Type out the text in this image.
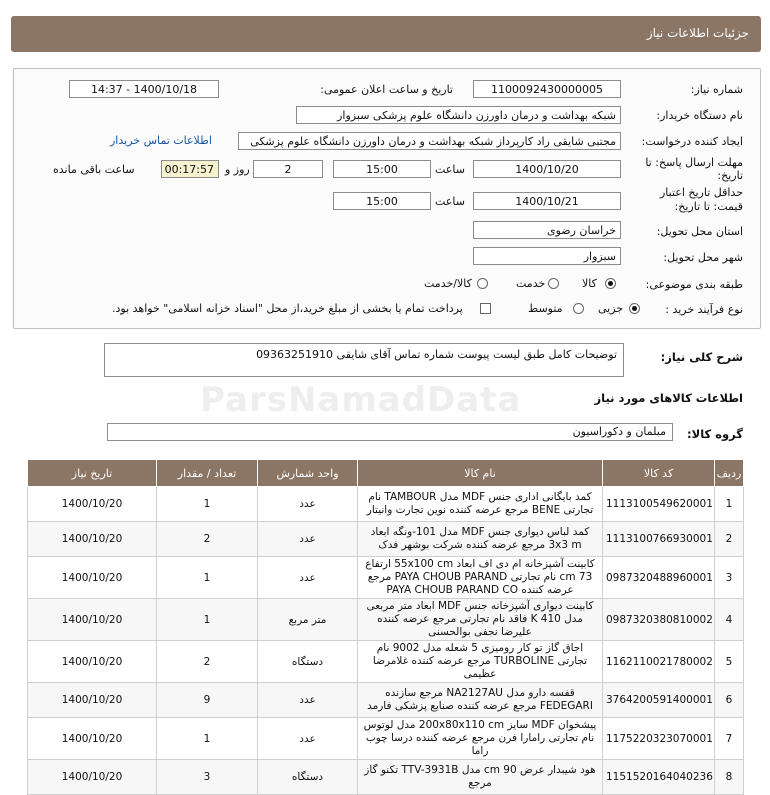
جزئیات اطلاعات نیاز
شماره نیاز:
1100092430000005
تاریخ و ساعت اعلان عمومی:
1400/10/18 - 14:37
نام دستگاه خریدار:
شبکه بهداشت و درمان داورزن دانشگاه علوم پزشکی سبزوار
ایجاد کننده درخواست:
مجتبی شایقی راد کارپرداز شبکه بهداشت و درمان داورزن دانشگاه علوم پزشکی
اطلاعات تماس خریدار
مهلت ارسال پاسخ: تا
تاریخ:
1400/10/20
ساعت
15:00
2
روز و
00:17:57
ساعت باقی مانده
حداقل تاریخ اعتبار
قیمت: تا تاریخ:
1400/10/21
ساعت
15:00
استان محل تحویل:
خراسان رضوی
شهر محل تحویل:
سبزوار
طبقه بندی موضوعی:
کالا
خدمت
کالا/خدمت
نوع فرآیند خرید :
جزیی
متوسط
پرداخت تمام یا بخشی از مبلغ خرید،از محل "اسناد خزانه اسلامی" خواهد بود.
شرح کلی نیاز:
توضیحات کامل طبق لیست پیوست شماره تماس آقای شایقی 09363251910
ParsNamadData	اطلاعات کالاهای مورد نیاز
گروه کالا:
مبلمان و دکوراسیون
ردیف	کد کالا	نام کالا	واحد شمارش	تعداد / مقدار	تاریخ نیاز
1	1113100549620001	کمد بایگانی اداری جنس MDF مدل TAMBOUR نام تجارتی BENE مرجع عرضه کننده نوین تجارت وانیتار	عدد	1	1400/10/20
2	1113100766930001	کمد لباس دیواری جنس MDF مدل 101-ونگه ابعاد 3x3 m مرجع عرضه کننده شرکت بوشهر فدک	عدد	2	1400/10/20
3	0987320488960001	کابینت آشپزخانه ام دی اف ابعاد 55x100 cm ارتفاع 73 cm نام تجارتی PAYA CHOUB PARAND مرجع عرضه کننده PAYA CHOUB PARAND CO	عدد	1	1400/10/20
4	0987320380810002	کابینت دیواری آشپزخانه جنس MDF ابعاد متر مربعی مدل K 410 فاقد نام تجارتی مرجع عرضه کننده علیرضا نجفی بوالحسنی	متر مربع	1	1400/10/20
5	1162110021780002	اجاق گاز تو کار رومیزی 5 شعله مدل 9002 نام تجارتی TURBOLINE مرجع عرضه کننده غلامرضا عظیمی	دستگاه	2	1400/10/20
6	3764200591400001	قفسه دارو مدل NA2127AU مرجع سازنده FEDEGARI مرجع عرضه کننده صنایع پزشکی فارمد	عدد	9	1400/10/20
7	1175220323070001	پیشخوان MDF سایز 200x80x110 cm مدل لوتوس نام تجارتی رامارا فرن مرجع عرضه کننده درسا چوب راما	عدد	1	1400/10/20
8	1151520164040236	هود شیبدار عرض 90 cm مدل TTV-3931B تکنو گاز مرجع	دستگاه	3	1400/10/20
